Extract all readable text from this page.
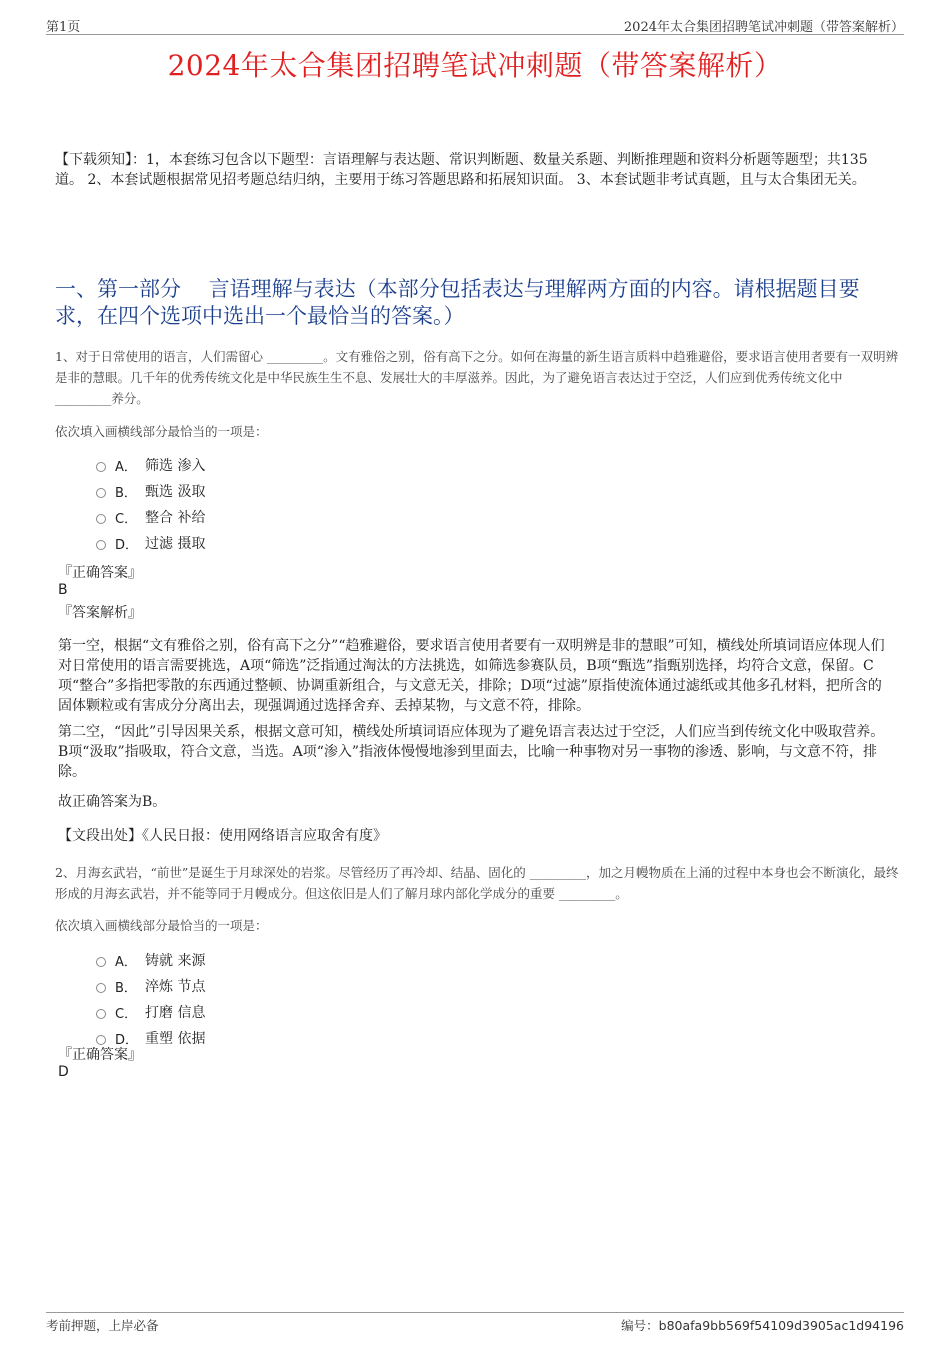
第1页	2024年太合集团招聘笔试冲刺题（带答案解析）
2024年太合集团招聘笔试冲刺题（带答案解析）
【下载须知】：1，本套练习包含以下题型：言语理解与表达题、常识判断题、数量关系题、判断推理题和资料分析题等题型；共135道。 2、本套试题根据常见招考题总结归纳，主要用于练习答题思路和拓展知识面。 3、本套试题非考试真题，且与太合集团无关。
一、第一部分　 言语理解与表达（本部分包括表达与理解两方面的内容。请根据题目要求，在四个选项中选出一个最恰当的答案。）
1、对于日常使用的语言，人们需留心 _________。文有雅俗之别，俗有高下之分。如何在海量的新生语言质料中趋雅避俗，要求语言使用者要有一双明辨是非的慧眼。几千年的优秀传统文化是中华民族生生不息、发展壮大的丰厚滋养。因此，为了避免语言表达过于空泛，人们应到优秀传统文化中 _________养分。
依次填入画横线部分最恰当的一项是：
A． 筛选 渗入
B． 甄选 汲取
C． 整合 补给
D． 过滤 摄取
『正确答案』
B
『答案解析』
第一空，根据“文有雅俗之别，俗有高下之分”“趋雅避俗，要求语言使用者要有一双明辨是非的慧眼”可知，横线处所填词语应体现人们对日常使用的语言需要挑选，A项“筛选”泛指通过淘汰的方法挑选，如筛选参赛队员，B项“甄选”指甄别选择，均符合文意，保留。C项“整合”多指把零散的东西通过整顿、协调重新组合，与文意无关，排除；D项“过滤”原指使流体通过滤纸或其他多孔材料，把所含的固体颗粒或有害成分分离出去，现强调通过选择舍弃、丢掉某物，与文意不符，排除。
第二空，“因此”引导因果关系，根据文意可知，横线处所填词语应体现为了避免语言表达过于空泛，人们应当到传统文化中吸取营养。B项“汲取”指吸取，符合文意，当选。A项“渗入”指液体慢慢地渗到里面去，比喻一种事物对另一事物的渗透、影响，与文意不符，排除。
故正确答案为B。
【文段出处】《人民日报：使用网络语言应取舍有度》
2、月海玄武岩，“前世”是诞生于月球深处的岩浆。尽管经历了再冷却、结晶、固化的 _________，加之月幔物质在上涌的过程中本身也会不断演化，最终形成的月海玄武岩，并不能等同于月幔成分。但这依旧是人们了解月球内部化学成分的重要 _________。
依次填入画横线部分最恰当的一项是：
A． 铸就 来源
B． 淬炼 节点
C． 打磨 信息
D． 重塑 依据
『正确答案』
D
考前押题，上岸必备	编号：b80afa9bb569f54109d3905ac1d94196
